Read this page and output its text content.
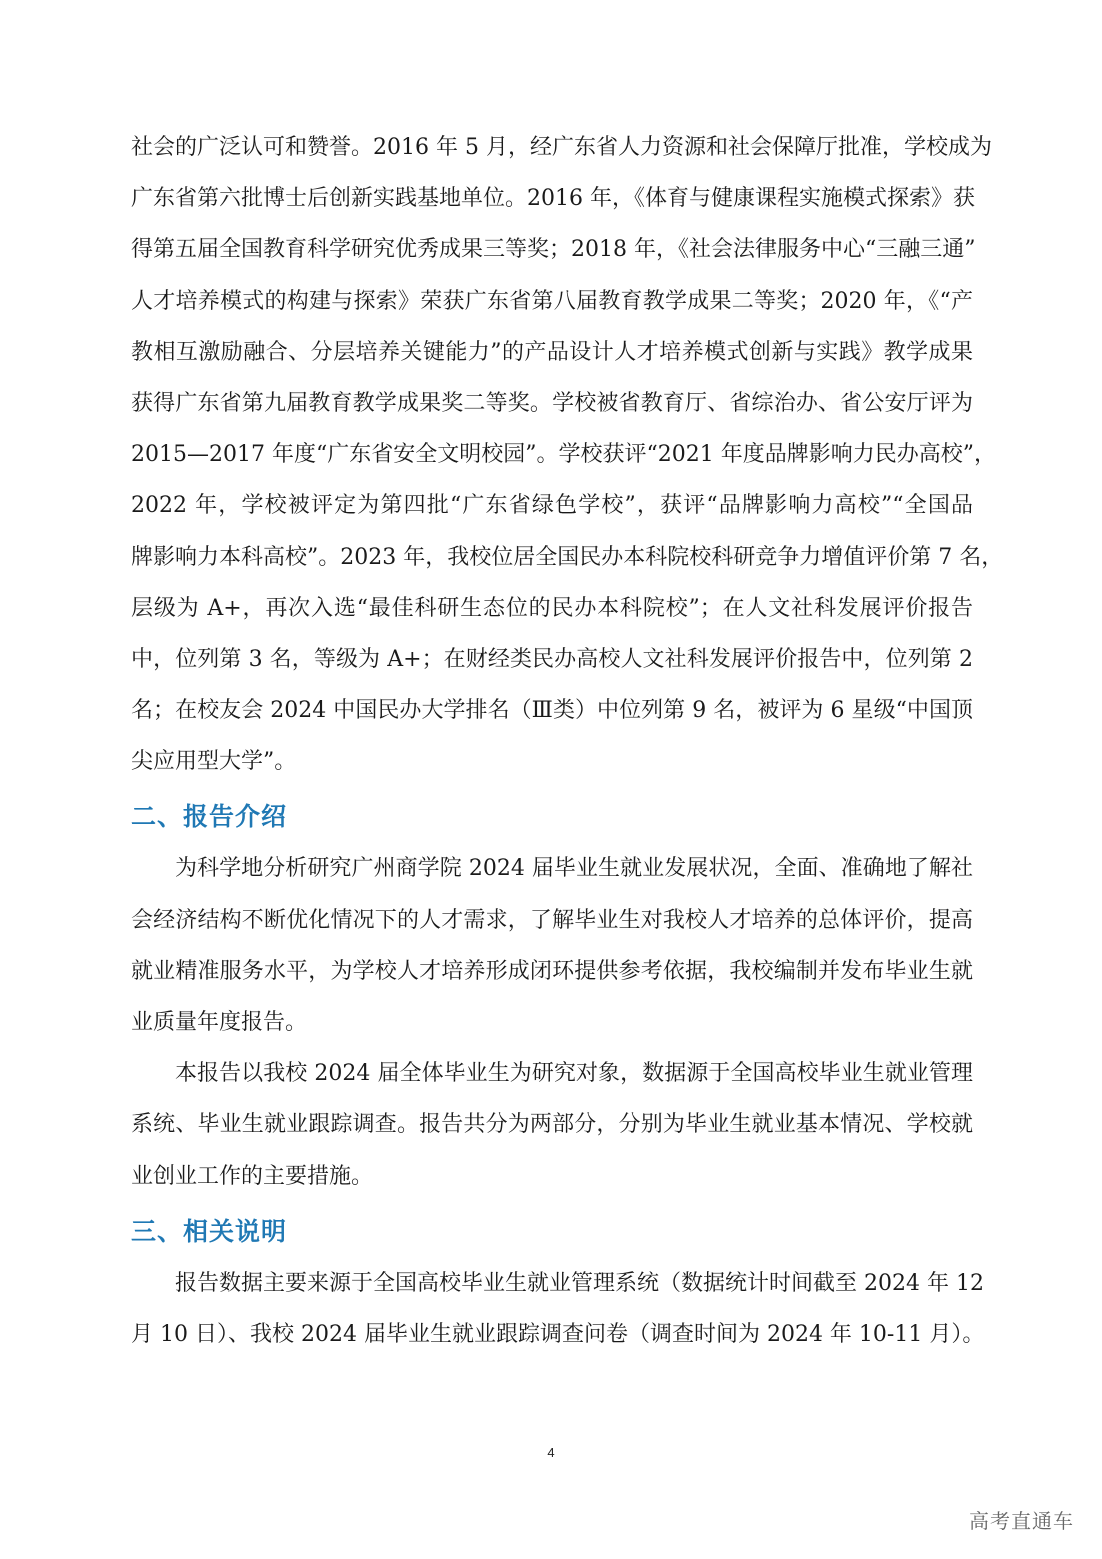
社会的广泛认可和赞誉。2016 年 5 月，经广东省人力资源和社会保障厅批准，学校成为
广东省第六批博士后创新实践基地单位。2016 年，《体育与健康课程实施模式探索》获
得第五届全国教育科学研究优秀成果三等奖；2018 年，《社会法律服务中心“三融三通”
人才培养模式的构建与探索》荣获广东省第八届教育教学成果二等奖；2020 年，《“产
教相互激励融合、分层培养关键能力”的产品设计人才培养模式创新与实践》教学成果
获得广东省第九届教育教学成果奖二等奖。学校被省教育厅、省综治办、省公安厅评为
2015—2017 年度“广东省安全文明校园”。学校获评“2021 年度品牌影响力民办高校”，
2022 年，学校被评定为第四批“广东省绿色学校”，获评“品牌影响力高校”“全国品
牌影响力本科高校”。2023 年，我校位居全国民办本科院校科研竞争力增值评价第 7 名，
层级为 A+，再次入选“最佳科研生态位的民办本科院校”；在人文社科发展评价报告
中，位列第 3 名，等级为 A+；在财经类民办高校人文社科发展评价报告中，位列第 2
名；在校友会 2024 中国民办大学排名（Ⅲ类）中位列第 9 名，被评为 6 星级“中国顶
尖应用型大学”。
二、报告介绍
为科学地分析研究广州商学院 2024 届毕业生就业发展状况，全面、准确地了解社
会经济结构不断优化情况下的人才需求，了解毕业生对我校人才培养的总体评价，提高
就业精准服务水平，为学校人才培养形成闭环提供参考依据，我校编制并发布毕业生就
业质量年度报告。
本报告以我校 2024 届全体毕业生为研究对象，数据源于全国高校毕业生就业管理
系统、毕业生就业跟踪调查。报告共分为两部分，分别为毕业生就业基本情况、学校就
业创业工作的主要措施。
三、相关说明
报告数据主要来源于全国高校毕业生就业管理系统（数据统计时间截至 2024 年 12
月 10 日）、我校 2024 届毕业生就业跟踪调查问卷（调查时间为 2024 年 10-11 月）。
4
高考直通车
